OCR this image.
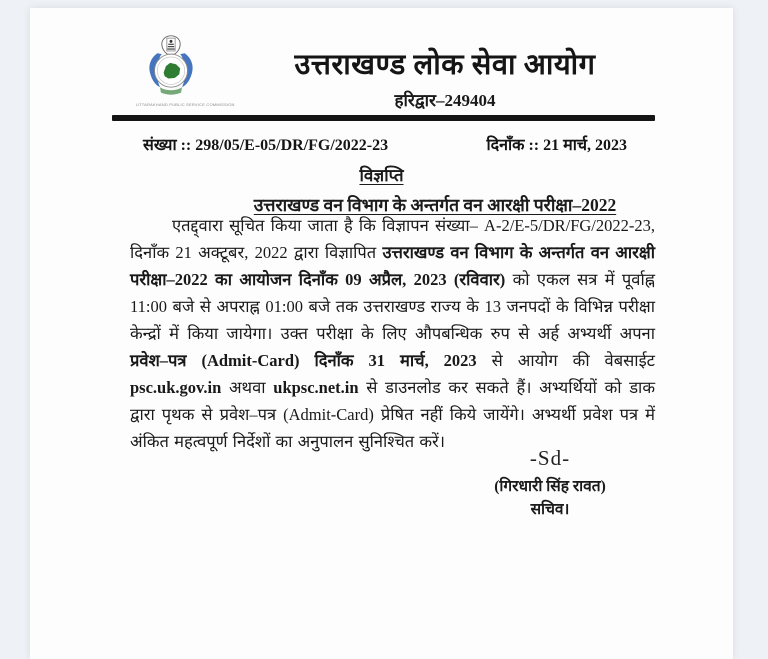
UTTARAKHAND PUBLIC SERVICE COMMISSION
उत्तराखण्ड लोक सेवा आयोग
हरिद्वार–249404
संख्या :: 298/05/E-05/DR/FG/2022-23	दिनाँक :: 21 मार्च, 2023
विज्ञप्ति
उत्तराखण्ड वन विभाग के अन्तर्गत वन आरक्षी परीक्षा–2022
एतद्द्वारा सूचित किया जाता है कि विज्ञापन संख्या– A-2/E-5/DR/FG/2022-23, दिनाँक 21 अक्टूबर, 2022 द्वारा विज्ञापित उत्तराखण्ड वन विभाग के अन्तर्गत वन आरक्षी परीक्षा–2022 का आयोजन दिनाँक 09 अप्रैल, 2023 (रविवार) को एकल सत्र में पूर्वाह्न 11:00 बजे से अपराह्न 01:00 बजे तक उत्तराखण्ड राज्य के 13 जनपदों के विभिन्न परीक्षा केन्द्रों में किया जायेगा। उक्त परीक्षा के लिए औपबन्धिक रुप से अर्ह अभ्यर्थी अपना प्रवेश–पत्र (Admit-Card) दिनाँक 31 मार्च, 2023 से आयोग की वेबसाईट psc.uk.gov.in अथवा ukpsc.net.in से डाउनलोड कर सकते हैं। अभ्यर्थियों को डाक द्वारा पृथक से प्रवेश–पत्र (Admit-Card) प्रेषित नहीं किये जायेंगे। अभ्यर्थी प्रवेश पत्र में अंकित महत्वपूर्ण निर्देशों का अनुपालन सुनिश्चित करें।
-Sd-
(गिरधारी सिंह रावत)
सचिव।
